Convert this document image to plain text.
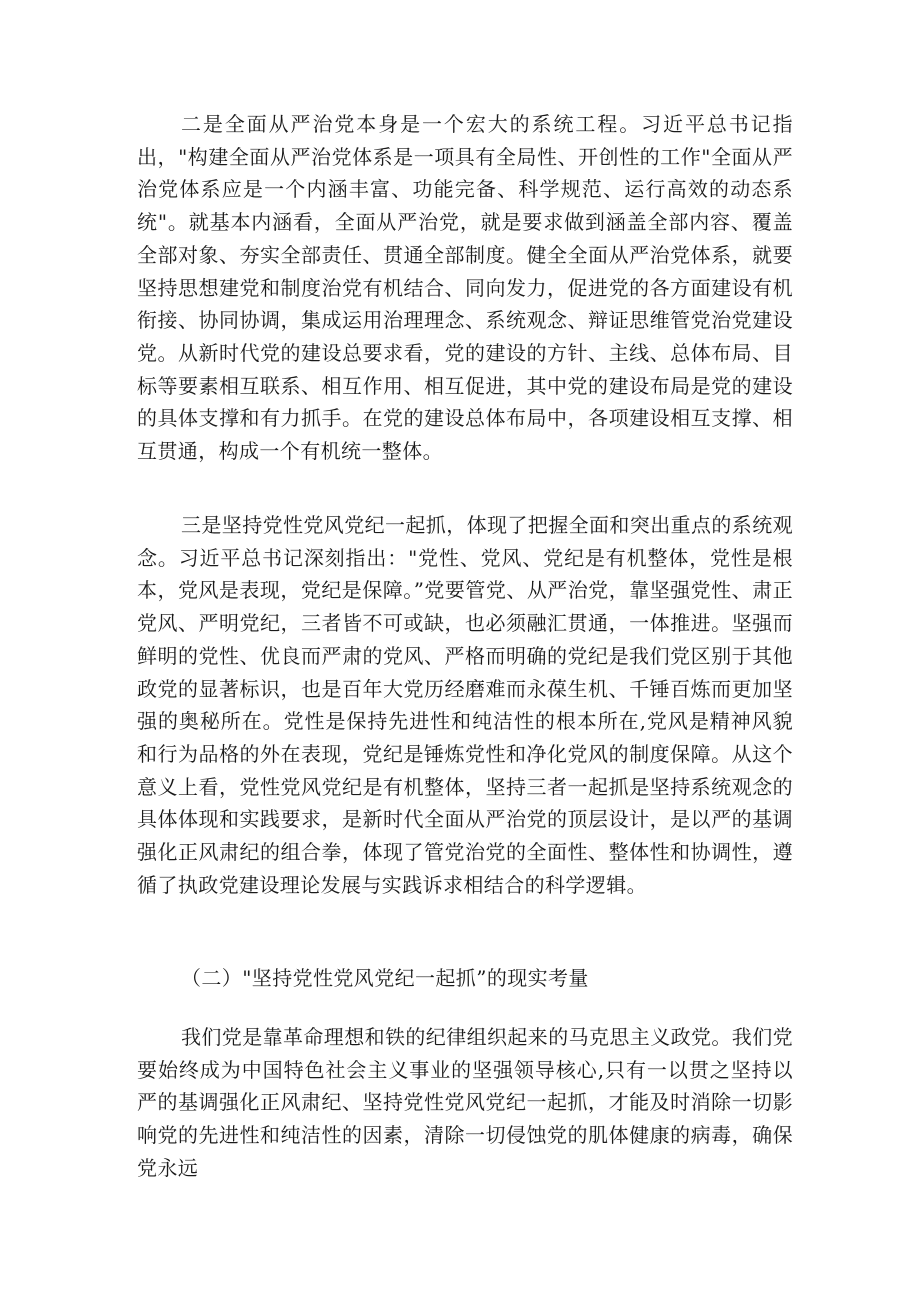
二是全面从严治党本身是一个宏大的系统工程。习近平总书记指出，"构建全面从严治党体系是一项具有全局性、开创性的工作"全面从严治党体系应是一个内涵丰富、功能完备、科学规范、运行高效的动态系统"。就基本内涵看，全面从严治党，就是要求做到涵盖全部内容、覆盖全部对象、夯实全部责任、贯通全部制度。健全全面从严治党体系，就要坚持思想建党和制度治党有机结合、同向发力，促进党的各方面建设有机衔接、协同协调，集成运用治理理念、系统观念、辩证思维管党治党建设党。从新时代党的建设总要求看，党的建设的方针、主线、总体布局、目标等要素相互联系、相互作用、相互促进，其中党的建设布局是党的建设的具体支撑和有力抓手。在党的建设总体布局中，各项建设相互支撑、相互贯通，构成一个有机统一整体。

三是坚持党性党风党纪一起抓，体现了把握全面和突出重点的系统观念。习近平总书记深刻指出："党性、党风、党纪是有机整体，党性是根本，党风是表现，党纪是保障。”党要管党、从严治党，靠坚强党性、肃正党风、严明党纪，三者皆不可或缺，也必须融汇贯通，一体推进。坚强而鲜明的党性、优良而严肃的党风、严格而明确的党纪是我们党区别于其他政党的显著标识，也是百年大党历经磨难而永葆生机、千锤百炼而更加坚强的奥秘所在。党性是保持先进性和纯洁性的根本所在,党风是精神风貌和行为品格的外在表现，党纪是锤炼党性和净化党风的制度保障。从这个意义上看，党性党风党纪是有机整体，坚持三者一起抓是坚持系统观念的具体体现和实践要求，是新时代全面从严治党的顶层设计，是以严的基调强化正风肃纪的组合拳，体现了管党治党的全面性、整体性和协调性，遵循了执政党建设理论发展与实践诉求相结合的科学逻辑。

（二）"坚持党性党风党纪一起抓”的现实考量

我们党是靠革命理想和铁的纪律组织起来的马克思主义政党。我们党要始终成为中国特色社会主义事业的坚强领导核心,只有一以贯之坚持以严的基调强化正风肃纪、坚持党性党风党纪一起抓，才能及时消除一切影响党的先进性和纯洁性的因素，清除一切侵蚀党的肌体健康的病毒，确保党永远
